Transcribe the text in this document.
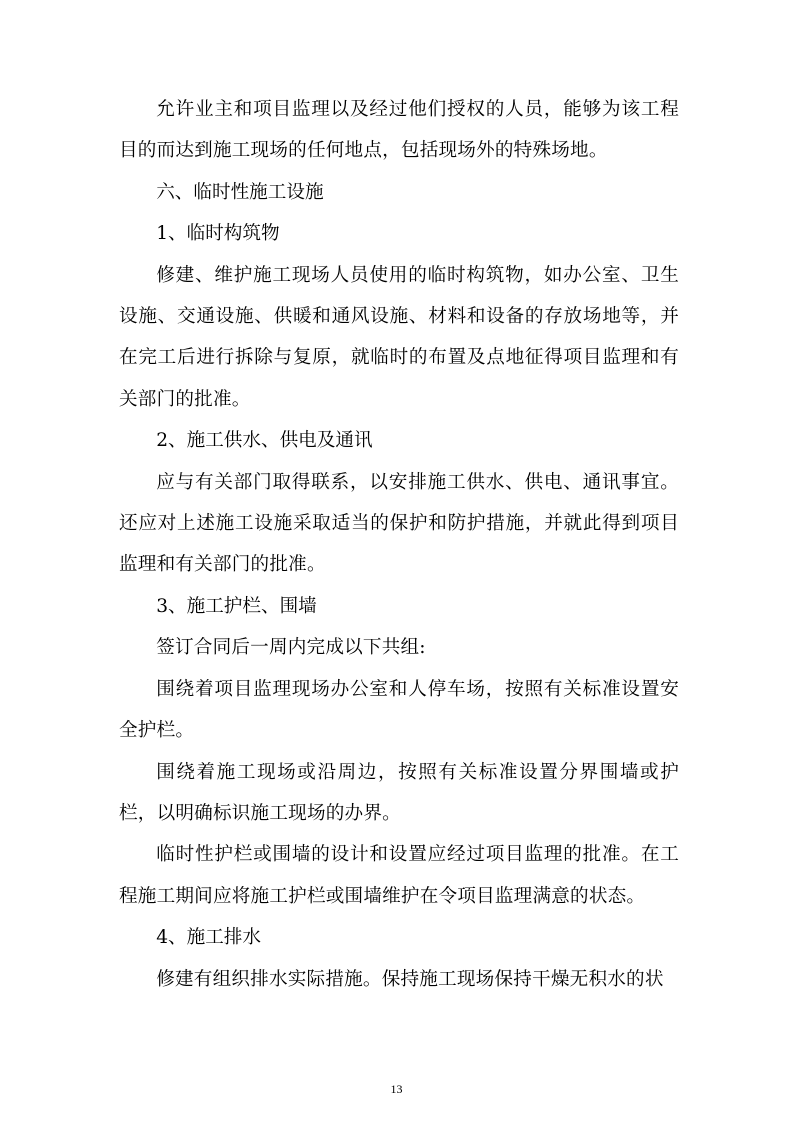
允许业主和项目监理以及经过他们授权的人员，能够为该工程目的而达到施工现场的任何地点，包括现场外的特殊场地。

六、临时性施工设施

1、临时构筑物

修建、维护施工现场人员使用的临时构筑物，如办公室、卫生设施、交通设施、供暖和通风设施、材料和设备的存放场地等，并在完工后进行拆除与复原，就临时的布置及点地征得项目监理和有关部门的批准。

2、施工供水、供电及通讯

应与有关部门取得联系，以安排施工供水、供电、通讯事宜。还应对上述施工设施采取适当的保护和防护措施，并就此得到项目监理和有关部门的批准。

3、施工护栏、围墙

签订合同后一周内完成以下共组:

围绕着项目监理现场办公室和人停车场，按照有关标准设置安全护栏。

围绕着施工现场或沿周边，按照有关标准设置分界围墙或护栏，以明确标识施工现场的办界。

临时性护栏或围墙的设计和设置应经过项目监理的批准。在工程施工期间应将施工护栏或围墙维护在令项目监理满意的状态。

4、施工排水

修建有组织排水实际措施。保持施工现场保持干燥无积水的状

13
